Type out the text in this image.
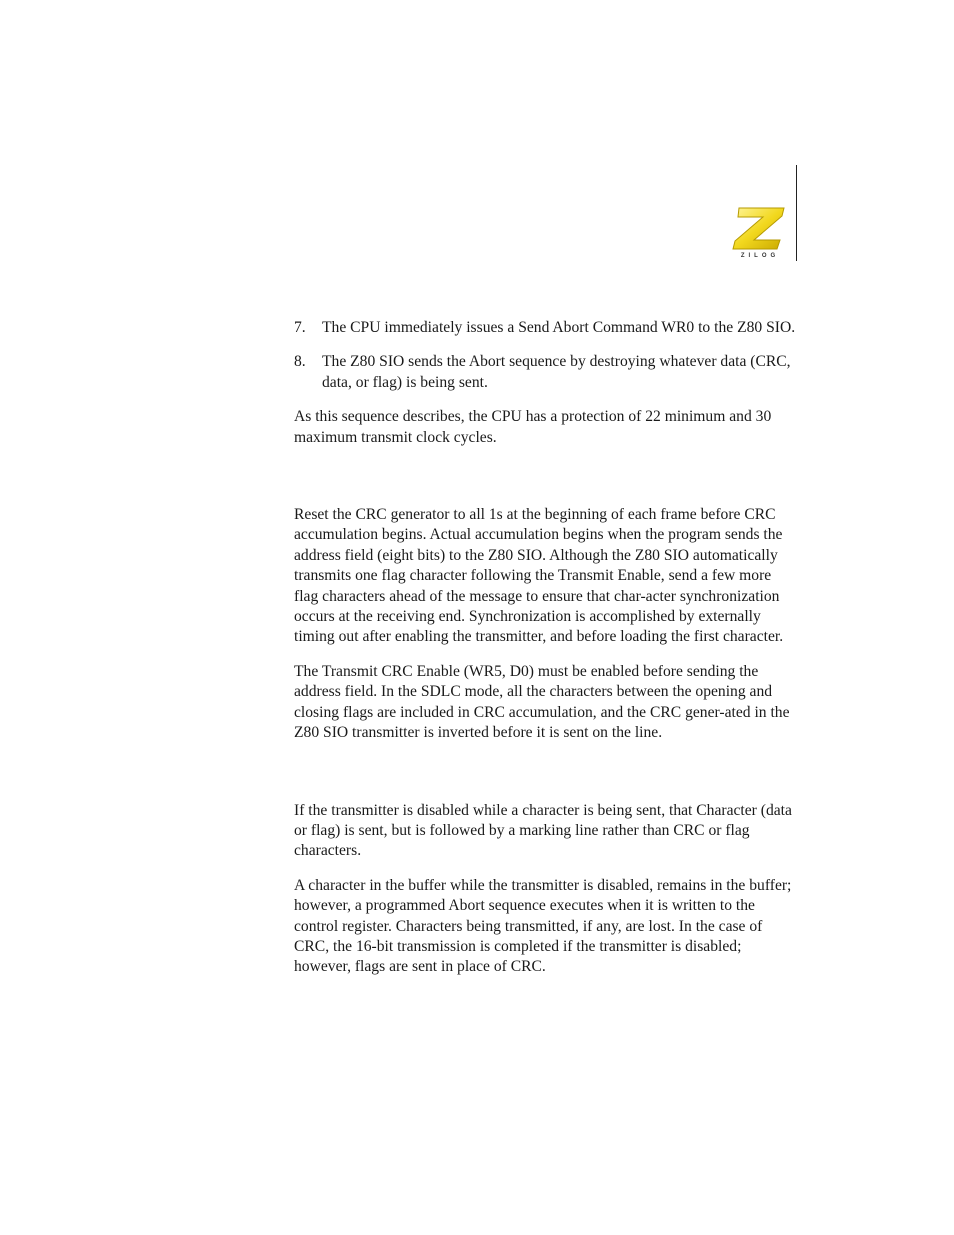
ZILOG
7. The CPU immediately issues a Send Abort Command WR0 to the Z80 SIO.
8. The Z80 SIO sends the Abort sequence by destroying whatever data (CRC, data, or flag) is being sent.

As this sequence describes, the CPU has a protection of 22 minimum and 30 maximum transmit clock cycles.

Reset the CRC generator to all 1s at the beginning of each frame before CRC accumulation begins. Actual accumulation begins when the program sends the address field (eight bits) to the Z80 SIO. Although the Z80 SIO automatically transmits one flag character following the Transmit Enable, send a few more flag characters ahead of the message to ensure that char-acter synchronization occurs at the receiving end. Synchronization is accomplished by externally timing out after enabling the transmitter, and before loading the first character.

The Transmit CRC Enable (WR5, D0) must be enabled before sending the address field. In the SDLC mode, all the characters between the opening and closing flags are included in CRC accumulation, and the CRC gener-ated in the Z80 SIO transmitter is inverted before it is sent on the line.

If the transmitter is disabled while a character is being sent, that Character (data or flag) is sent, but is followed by a marking line rather than CRC or flag characters.

A character in the buffer while the transmitter is disabled, remains in the buffer; however, a programmed Abort sequence executes when it is written to the control register. Characters being transmitted, if any, are lost. In the case of CRC, the 16-bit transmission is completed if the transmitter is disabled; however, flags are sent in place of CRC.
